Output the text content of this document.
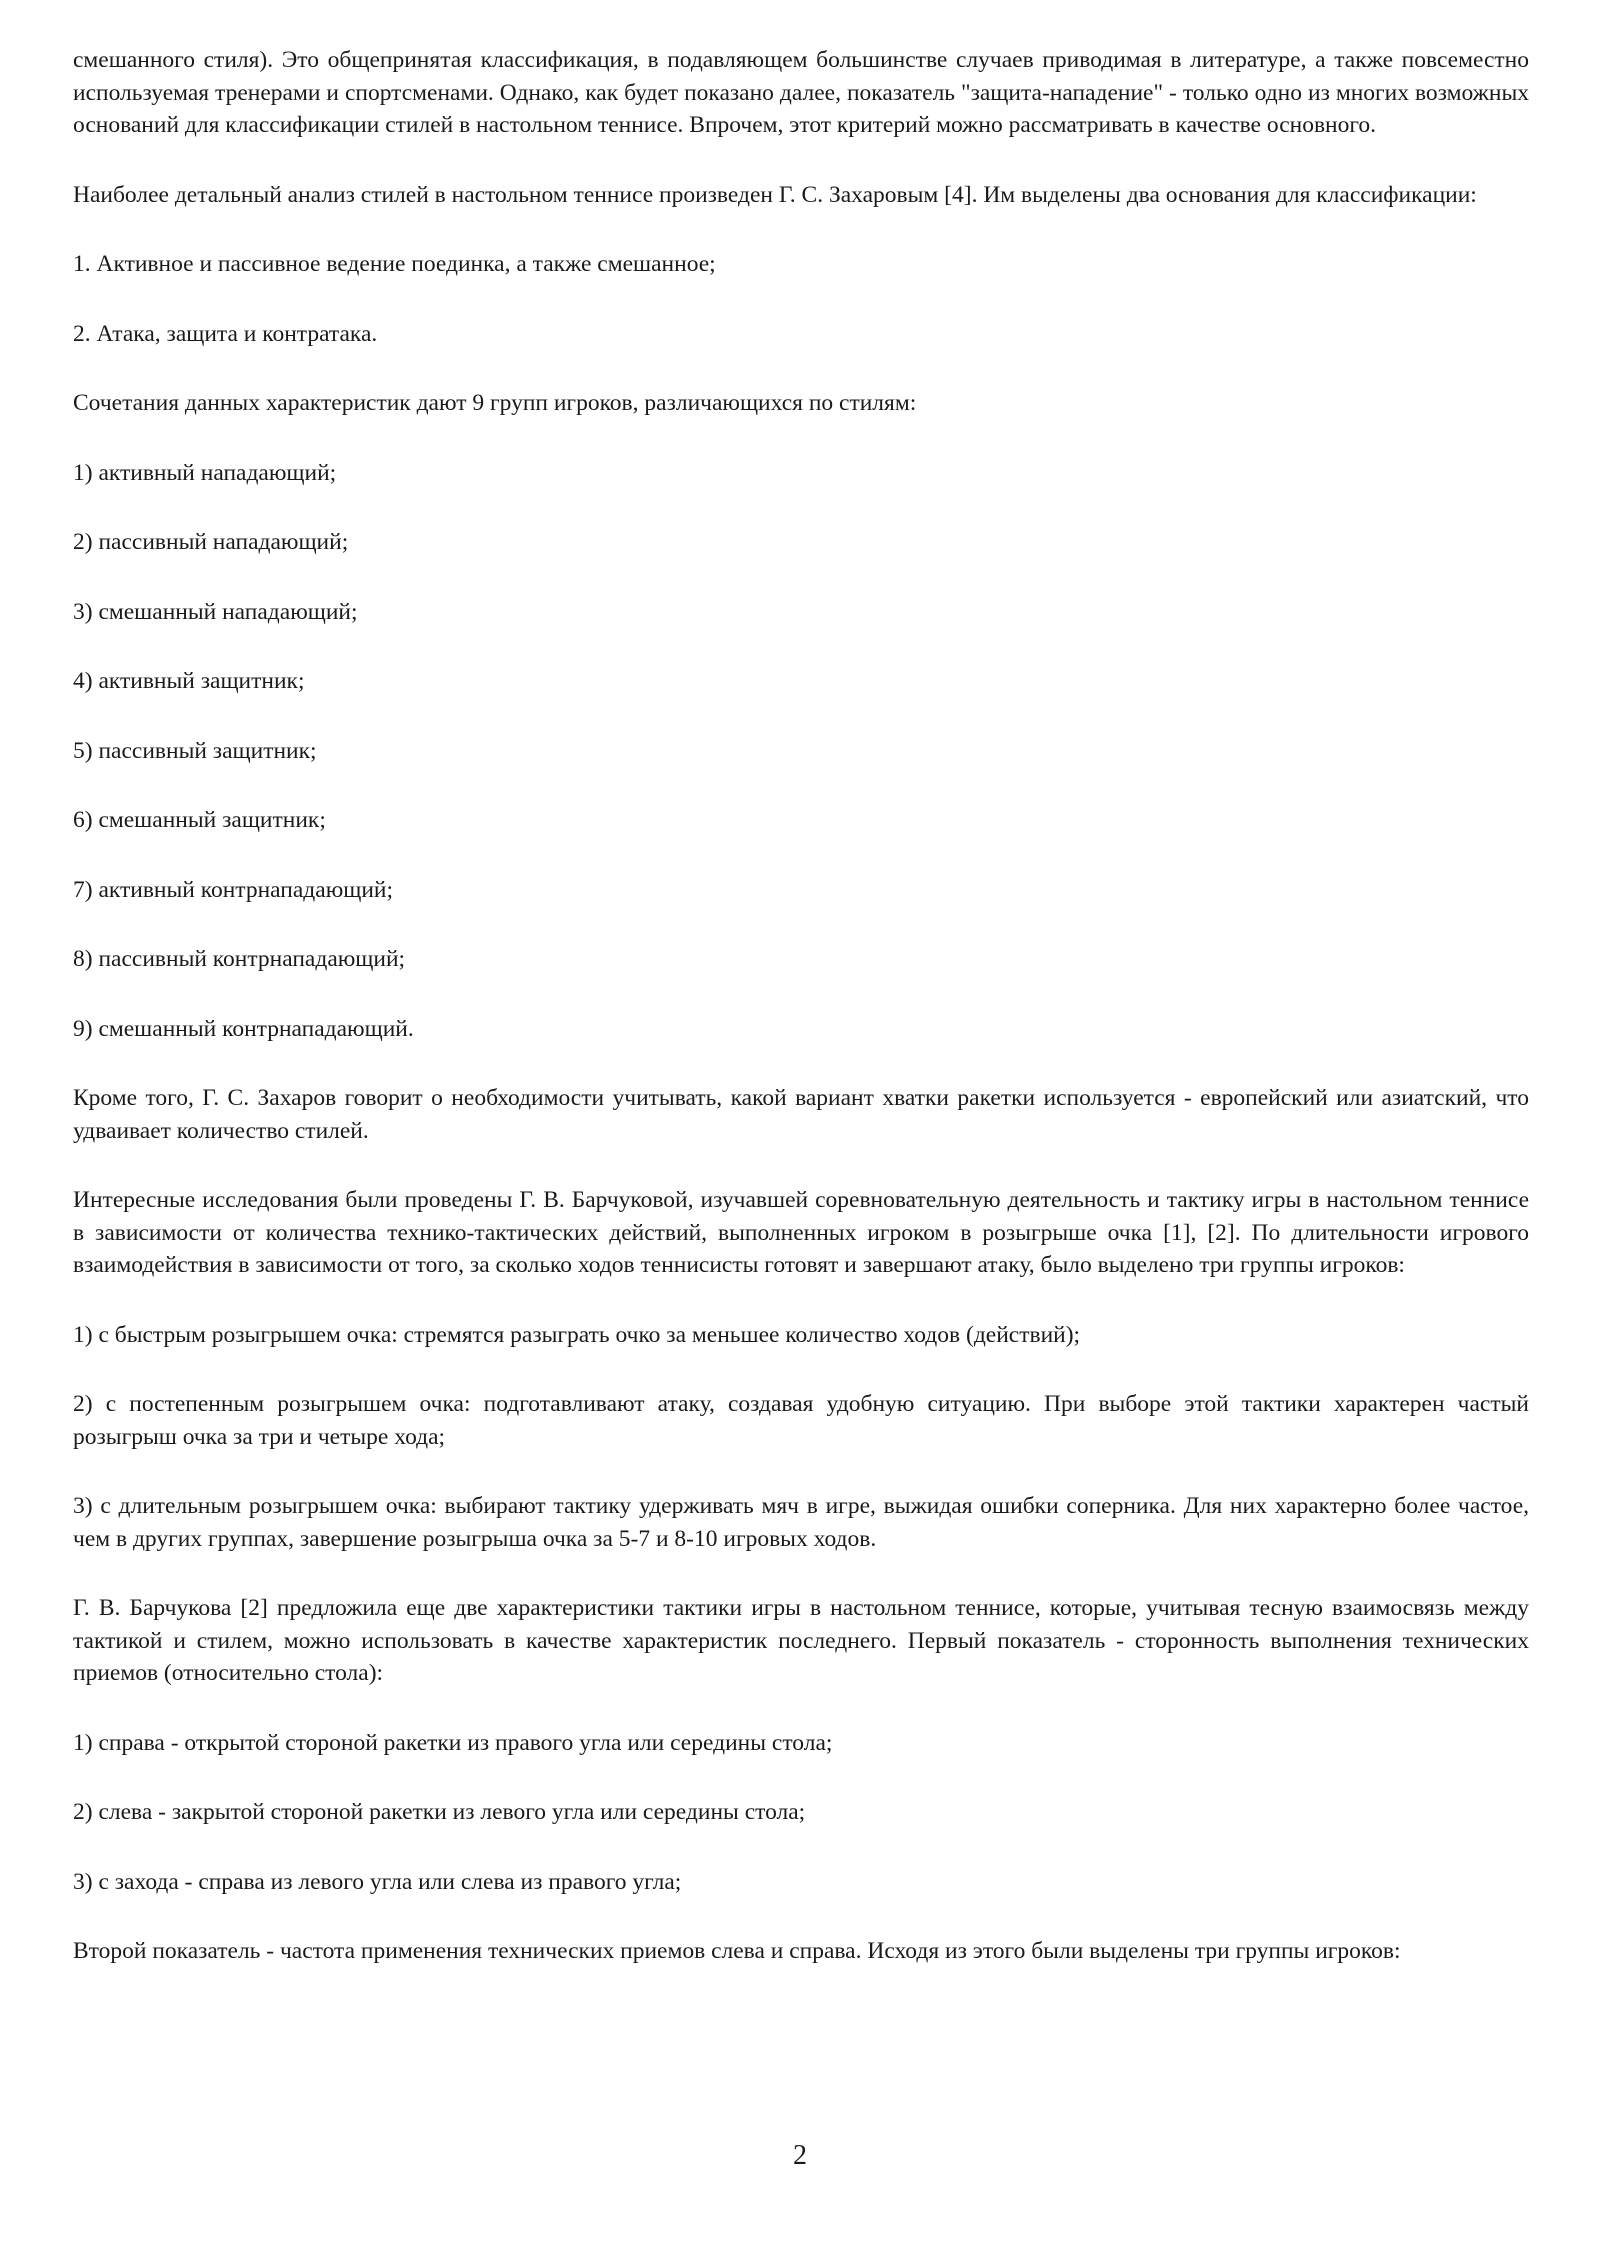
смешанного стиля). Это общепринятая классификация, в подавляющем большинстве случаев приводимая в литературе, а также повсеместно используемая тренерами и спортсменами. Однако, как будет показано далее, показатель "защита-нападение" - только одно из многих возможных оснований для классификации стилей в настольном теннисе. Впрочем, этот критерий можно рассматривать в качестве основного.

Наиболее детальный анализ стилей в настольном теннисе произведен Г. С. Захаровым [4]. Им выделены два основания для классификации:

1. Активное и пассивное ведение поединка, а также смешанное;

2. Атака, защита и контратака.

Сочетания данных характеристик дают 9 групп игроков, различающихся по стилям:

1) активный нападающий;

2) пассивный нападающий;

3) смешанный нападающий;

4) активный защитник;

5) пассивный защитник;

6) смешанный защитник;

7) активный контрнападающий;

8) пассивный контрнападающий;

9) смешанный контрнападающий.

Кроме того, Г. С. Захаров говорит о необходимости учитывать, какой вариант хватки ракетки используется - европейский или азиатский, что удваивает количество стилей.

Интересные исследования были проведены Г. В. Барчуковой, изучавшей соревновательную деятельность и тактику игры в настольном теннисе в зависимости от количества технико-тактических действий, выполненных игроком в розыгрыше очка [1], [2]. По длительности игрового взаимодействия в зависимости от того, за сколько ходов теннисисты готовят и завершают атаку, было выделено три группы игроков:

1) с быстрым розыгрышем очка: стремятся разыграть очко за меньшее количество ходов (действий);

2) с постепенным розыгрышем очка: подготавливают атаку, создавая удобную ситуацию. При выборе этой тактики характерен частый розыгрыш очка за три и четыре хода;

3) с длительным розыгрышем очка: выбирают тактику удерживать мяч в игре, выжидая ошибки соперника. Для них характерно более частое, чем в других группах, завершение розыгрыша очка за 5-7 и 8-10 игровых ходов.

Г. В. Барчукова [2] предложила еще две характеристики тактики игры в настольном теннисе, которые, учитывая тесную взаимосвязь между тактикой и стилем, можно использовать в качестве характеристик последнего. Первый показатель - сторонность выполнения технических приемов (относительно стола):

1) справа - открытой стороной ракетки из правого угла или середины стола;

2) слева - закрытой стороной ракетки из левого угла или середины стола;

3) с захода - справа из левого угла или слева из правого угла;

Второй показатель - частота применения технических приемов слева и справа. Исходя из этого были выделены три группы игроков:

2
